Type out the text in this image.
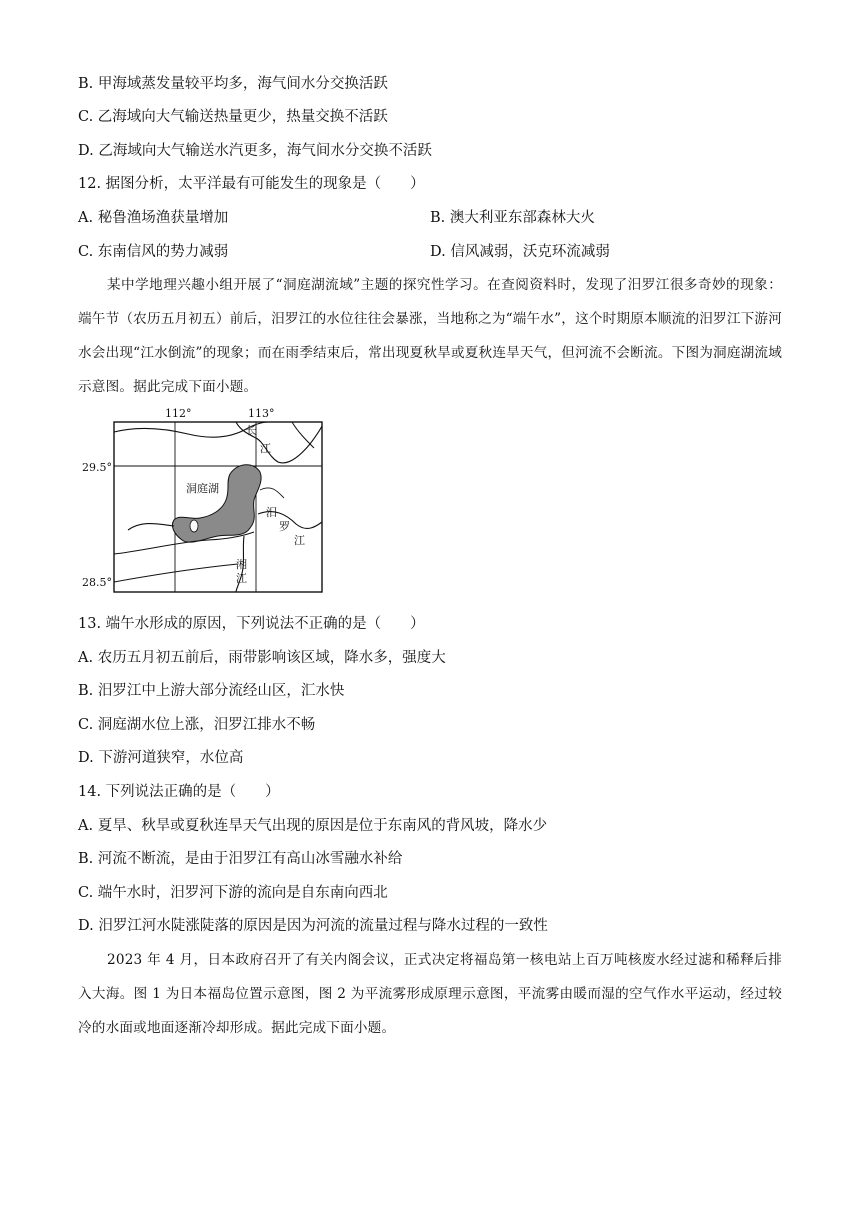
B. 甲海域蒸发量较平均多，海气间水分交换活跃
C. 乙海域向大气输送热量更少，热量交换不活跃
D. 乙海域向大气输送水汽更多，海气间水分交换不活跃
12. 据图分析，太平洋最有可能发生的现象是（　　）
A. 秘鲁渔场渔获量增加	B. 澳大利亚东部森林大火
C. 东南信风的势力减弱	D. 信风减弱，沃克环流减弱
某中学地理兴趣小组开展了“洞庭湖流域”主题的探究性学习。在查阅资料时，发现了汨罗江很多奇妙的现象：端午节（农历五月初五）前后，汨罗江的水位往往会暴涨，当地称之为“端午水”，这个时期原本顺流的汨罗江下游河水会出现“江水倒流”的现象；而在雨季结束后，常出现夏秋旱或夏秋连旱天气，但河流不会断流。下图为洞庭湖流域示意图。据此完成下面小题。
112°	113°
29.5°
28.5°
长
江
洞庭湖
汨
罗
江
湘
江
13. 端午水形成的原因，下列说法不正确的是（　　）
A. 农历五月初五前后，雨带影响该区域，降水多，强度大
B. 汨罗江中上游大部分流经山区，汇水快
C. 洞庭湖水位上涨，汨罗江排水不畅
D. 下游河道狭窄，水位高
14. 下列说法正确的是（　　）
A. 夏旱、秋旱或夏秋连旱天气出现的原因是位于东南风的背风坡，降水少
B. 河流不断流，是由于汨罗江有高山冰雪融水补给
C. 端午水时，汨罗河下游的流向是自东南向西北
D. 汨罗江河水陡涨陡落的原因是因为河流的流量过程与降水过程的一致性
2023 年 4 月，日本政府召开了有关内阁会议，正式决定将福岛第一核电站上百万吨核废水经过滤和稀释后排入大海。图 1 为日本福岛位置示意图，图 2 为平流雾形成原理示意图，平流雾由暖而湿的空气作水平运动，经过较冷的水面或地面逐渐冷却形成。据此完成下面小题。
